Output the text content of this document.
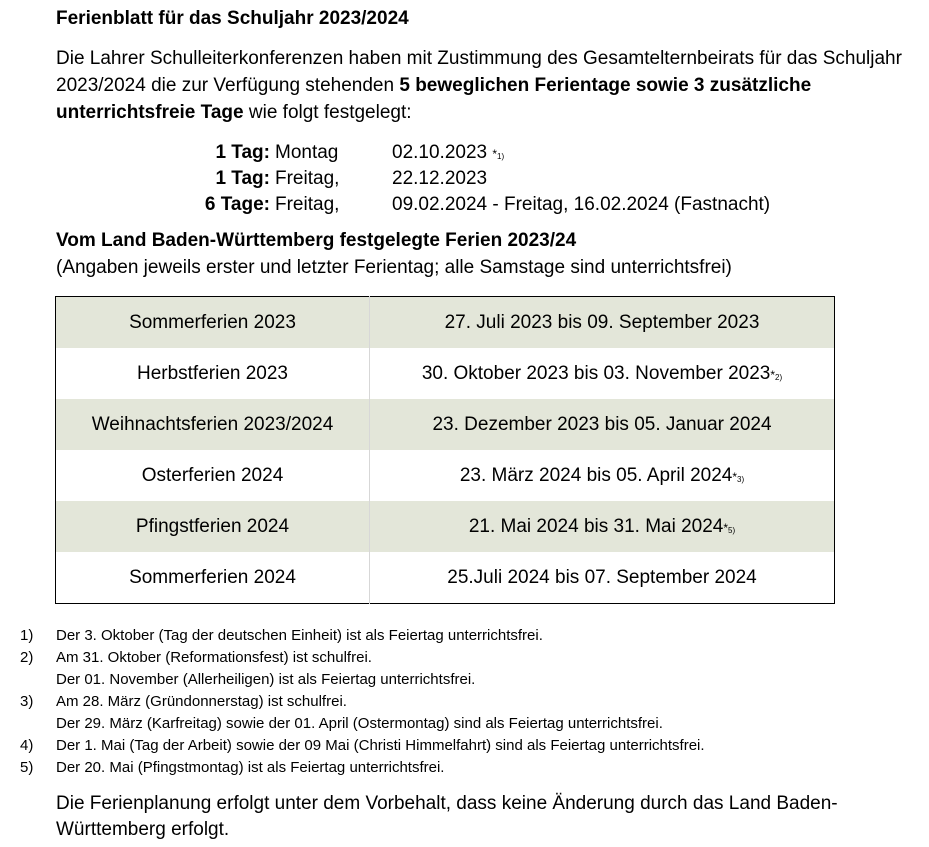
Ferienblatt für das Schuljahr 2023/2024
Die Lahrer Schulleiterkonferenzen haben mit Zustimmung des Gesamtelternbeirats für das Schuljahr 2023/2024 die zur Verfügung stehenden 5 beweglichen Ferientage sowie 3 zusätzliche unterrichtsfreie Tage wie folgt festgelegt:
1 Tag: Montag	02.10.2023 $*_{1)}$
1 Tag: Freitag,	22.12.2023
6 Tage: Freitag,	09.02.2024 - Freitag, 16.02.2024 (Fastnacht)
Vom Land Baden-Württemberg festgelegte Ferien 2023/24
(Angaben jeweils erster und letzter Ferientag; alle Samstage sind unterrichtsfrei)
Sommerferien 2023	27. Juli 2023 bis 09. September 2023
Herbstferien 2023	30. Oktober 2023 bis 03. November $2023*_{2)}$
Weihnachtsferien 2023/2024	23. Dezember 2023 bis 05. Januar 2024
Osterferien 2024	23. März 2024 bis 05. April $2024*_{3)}$
Pfingstferien 2024	21. Mai 2024 bis 31. Mai $2024*_{5)}$
Sommerferien 2024	25.Juli 2024 bis 07. September 2024
1)	Der 3. Oktober (Tag der deutschen Einheit) ist als Feiertag unterrichtsfrei.
2)	Am 31. Oktober (Reformationsfest) ist schulfrei.
Der 01. November (Allerheiligen) ist als Feiertag unterrichtsfrei.
3)	Am 28. März (Gründonnerstag) ist schulfrei.
Der 29. März (Karfreitag) sowie der 01. April (Ostermontag) sind als Feiertag unterrichtsfrei.
4)	Der 1. Mai (Tag der Arbeit) sowie der 09 Mai (Christi Himmelfahrt) sind als Feiertag unterrichtsfrei.
5)	Der 20. Mai (Pfingstmontag) ist als Feiertag unterrichtsfrei.
Die Ferienplanung erfolgt unter dem Vorbehalt, dass keine Änderung durch das Land Baden-Württemberg erfolgt.
